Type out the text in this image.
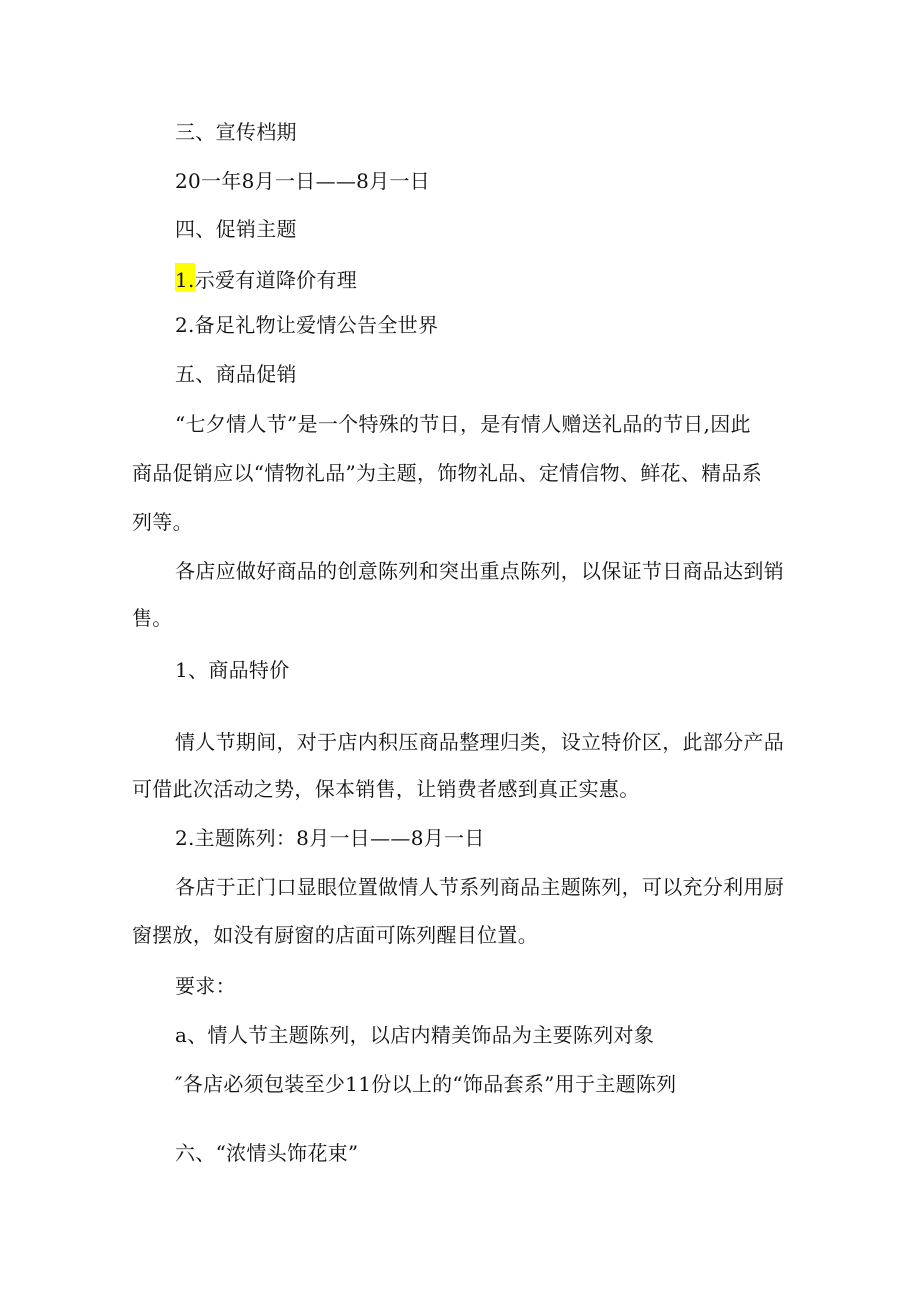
三、宣传档期
20一年8月一日——8月一日
四、促销主题
1.示爱有道降价有理
2.备足礼物让爱情公告全世界
五、商品促销
“七夕情人节”是一个特殊的节日，是有情人赠送礼品的节日,因此
商品促销应以“情物礼品”为主题，饰物礼品、定情信物、鲜花、精品系
列等。
各店应做好商品的创意陈列和突出重点陈列，以保证节日商品达到销
售。
1、商品特价
情人节期间，对于店内积压商品整理归类，设立特价区，此部分产品
可借此次活动之势，保本销售，让销费者感到真正实惠。
2.主题陈列：8月一日——8月一日
各店于正门口显眼位置做情人节系列商品主题陈列，可以充分利用厨
窗摆放，如没有厨窗的店面可陈列醒目位置。
要求：
a、情人节主题陈列，以店内精美饰品为主要陈列对象
″各店必须包装至少11份以上的“饰品套系”用于主题陈列
六、“浓情头饰花束”
